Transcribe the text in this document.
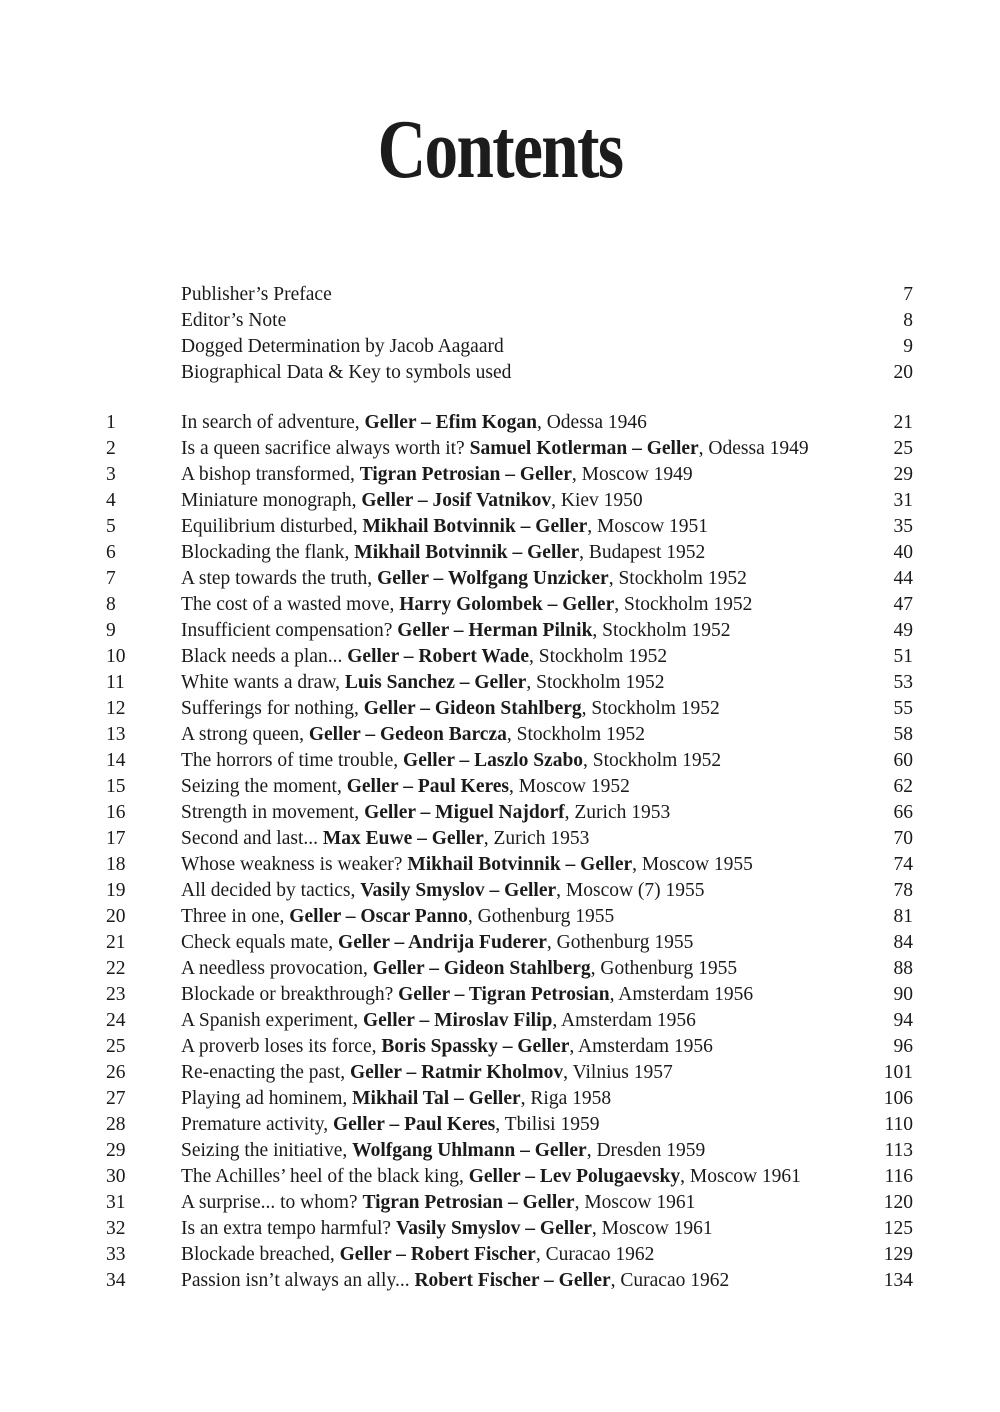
Contents
Publisher’s Preface	7
Editor’s Note	8
Dogged Determination by Jacob Aagaard	9
Biographical Data & Key to symbols used	20
1	In search of adventure, Geller – Efim Kogan, Odessa 1946	21
2	Is a queen sacrifice always worth it? Samuel Kotlerman – Geller, Odessa 1949	25
3	A bishop transformed, Tigran Petrosian – Geller, Moscow 1949	29
4	Miniature monograph, Geller – Josif Vatnikov, Kiev 1950	31
5	Equilibrium disturbed, Mikhail Botvinnik – Geller, Moscow 1951	35
6	Blockading the flank, Mikhail Botvinnik – Geller, Budapest 1952	40
7	A step towards the truth, Geller – Wolfgang Unzicker, Stockholm 1952	44
8	The cost of a wasted move, Harry Golombek – Geller, Stockholm 1952	47
9	Insufficient compensation? Geller – Herman Pilnik, Stockholm 1952	49
10	Black needs a plan... Geller – Robert Wade, Stockholm 1952	51
11	White wants a draw, Luis Sanchez – Geller, Stockholm 1952	53
12	Sufferings for nothing, Geller – Gideon Stahlberg, Stockholm 1952	55
13	A strong queen, Geller – Gedeon Barcza, Stockholm 1952	58
14	The horrors of time trouble, Geller – Laszlo Szabo, Stockholm 1952	60
15	Seizing the moment, Geller – Paul Keres, Moscow 1952	62
16	Strength in movement, Geller – Miguel Najdorf, Zurich 1953	66
17	Second and last... Max Euwe – Geller, Zurich 1953	70
18	Whose weakness is weaker? Mikhail Botvinnik – Geller, Moscow 1955	74
19	All decided by tactics, Vasily Smyslov – Geller, Moscow (7) 1955	78
20	Three in one, Geller – Oscar Panno, Gothenburg 1955	81
21	Check equals mate, Geller – Andrija Fuderer, Gothenburg 1955	84
22	A needless provocation, Geller – Gideon Stahlberg, Gothenburg 1955	88
23	Blockade or breakthrough? Geller – Tigran Petrosian, Amsterdam 1956	90
24	A Spanish experiment, Geller – Miroslav Filip, Amsterdam 1956	94
25	A proverb loses its force, Boris Spassky – Geller, Amsterdam 1956	96
26	Re-enacting the past, Geller – Ratmir Kholmov, Vilnius 1957	101
27	Playing ad hominem, Mikhail Tal – Geller, Riga 1958	106
28	Premature activity, Geller – Paul Keres, Tbilisi 1959	110
29	Seizing the initiative, Wolfgang Uhlmann – Geller, Dresden 1959	113
30	The Achilles’ heel of the black king, Geller – Lev Polugaevsky, Moscow 1961	116
31	A surprise... to whom? Tigran Petrosian – Geller, Moscow 1961	120
32	Is an extra tempo harmful? Vasily Smyslov – Geller, Moscow 1961	125
33	Blockade breached, Geller – Robert Fischer, Curacao 1962	129
34	Passion isn’t always an ally... Robert Fischer – Geller, Curacao 1962	134
